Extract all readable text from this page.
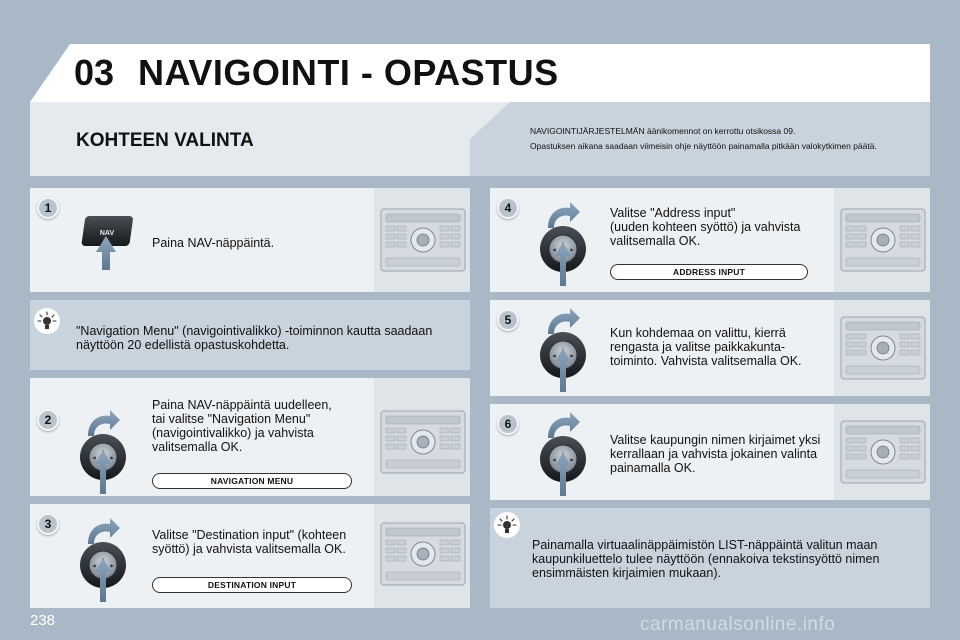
03 NAVIGOINTI - OPASTUS
KOHTEEN VALINTA	NAVIGOINTIJÄRJESTELMÄN äänikomennot on kerrottu otsikossa 09.
Opastuksen aikana saadaan viimeisin ohje näyttöön painamalla pitkään valokytkimen päätä.
1
NAV
Paina NAV-näppäintä.
"Navigation Menu" (navigointivalikko) -toiminnon kautta saadaan
näyttöön 20 edellistä opastuskohdetta.
2
Paina NAV-näppäintä uudelleen,
tai valitse "Navigation Menu"
(navigointivalikko) ja vahvista
valitsemalla OK.
NAVIGATION MENU
3
Valitse "Destination input" (kohteen
syöttö) ja vahvista valitsemalla OK.
DESTINATION INPUT
4	Valitse "Address input"
(uuden kohteen syöttö) ja vahvista
valitsemalla OK.
ADDRESS INPUT
5
Kun kohdemaa on valittu, kierrä
rengasta ja valitse paikkakunta-
toiminto. Vahvista valitsemalla OK.
6
Valitse kaupungin nimen kirjaimet yksi
kerrallaan ja vahvista jokainen valinta
painamalla OK.
Painamalla virtuaalinäppäimistön LIST-näppäintä valitun maan
kaupunkiluettelo tulee näyttöön (ennakoiva tekstinsyöttö nimen
ensimmäisten kirjaimien mukaan).
238	carmanualsonline.info
